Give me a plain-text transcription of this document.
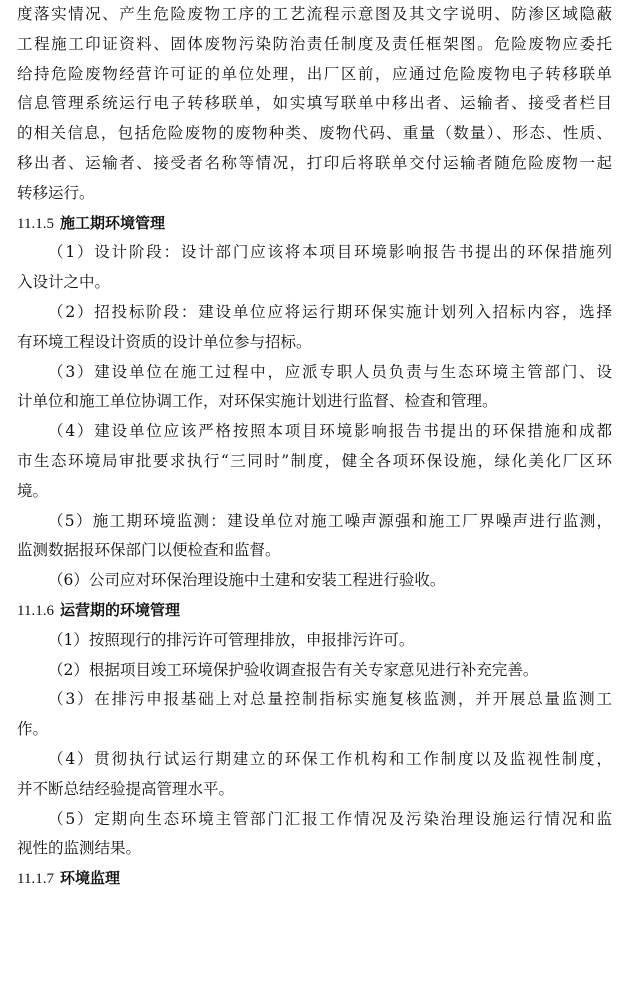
度落实情况、产生危险废物工序的工艺流程示意图及其文字说明、防渗区域隐蔽
工程施工印证资料、固体废物污染防治责任制度及责任框架图。危险废物应委托
给持危险废物经营许可证的单位处理，出厂区前，应通过危险废物电子转移联单
信息管理系统运行电子转移联单，如实填写联单中移出者、运输者、接受者栏目
的相关信息，包括危险废物的废物种类、废物代码、重量（数量）、形态、性质、
移出者、运输者、接受者名称等情况，打印后将联单交付运输者随危险废物一起
转移运行。
11.1.5 施工期环境管理
（1）设计阶段：设计部门应该将本项目环境影响报告书提出的环保措施列
入设计之中。
（2）招投标阶段：建设单位应将运行期环保实施计划列入招标内容，选择
有环境工程设计资质的设计单位参与招标。
（3）建设单位在施工过程中，应派专职人员负责与生态环境主管部门、设
计单位和施工单位协调工作，对环保实施计划进行监督、检查和管理。
（4）建设单位应该严格按照本项目环境影响报告书提出的环保措施和成都
市生态环境局审批要求执行“三同时”制度，健全各项环保设施，绿化美化厂区环
境。
（5）施工期环境监测：建设单位对施工噪声源强和施工厂界噪声进行监测，
监测数据报环保部门以便检查和监督。
（6）公司应对环保治理设施中土建和安装工程进行验收。
11.1.6 运营期的环境管理
（1）按照现行的排污许可管理排放，申报排污许可。
（2）根据项目竣工环境保护验收调查报告有关专家意见进行补充完善。
（3）在排污申报基础上对总量控制指标实施复核监测，并开展总量监测工
作。
（4）贯彻执行试运行期建立的环保工作机构和工作制度以及监视性制度，
并不断总结经验提高管理水平。
（5）定期向生态环境主管部门汇报工作情况及污染治理设施运行情况和监
视性的监测结果。
11.1.7 环境监理
